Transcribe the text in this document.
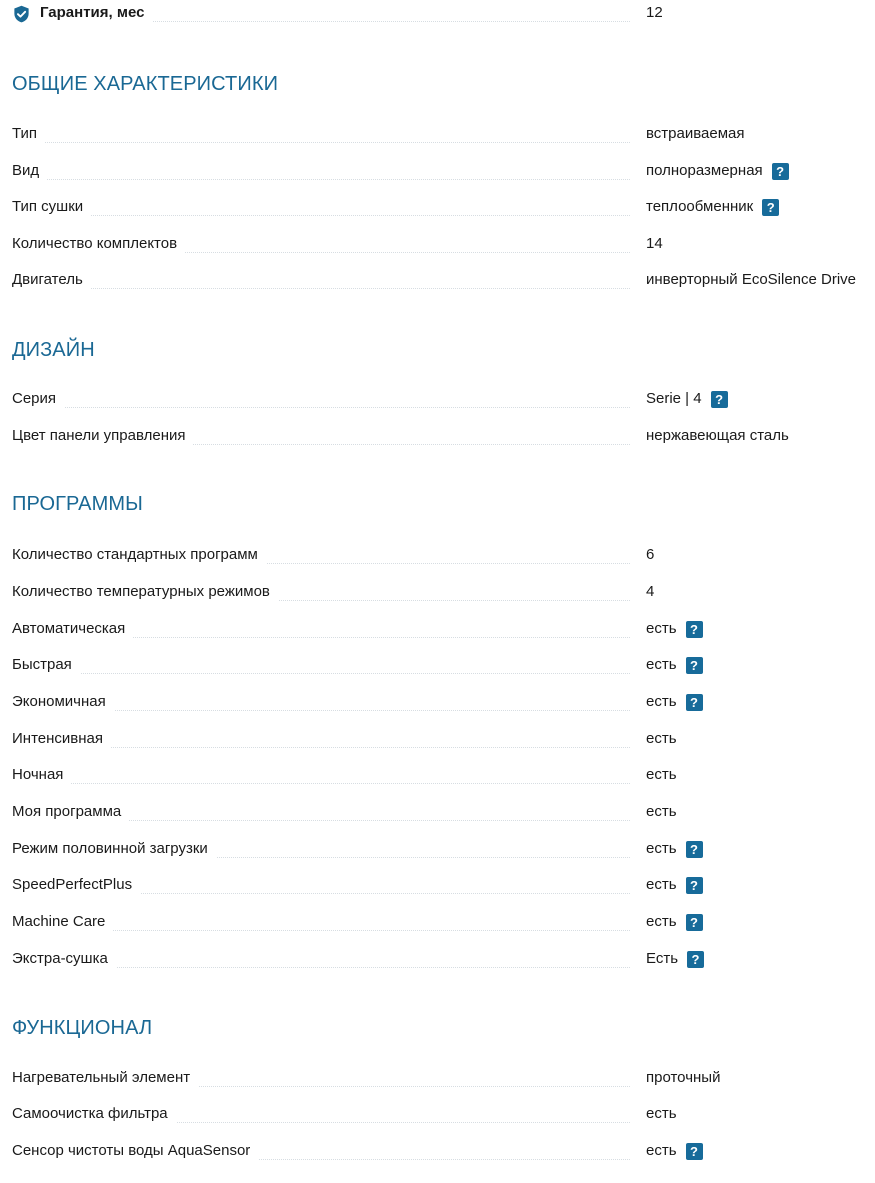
Гарантия, мес	12
ОБЩИЕ ХАРАКТЕРИСТИКИ
Тип	встраиваемая
Вид	полноразмерная	?
Тип сушки	теплообменник	?
Количество комплектов	14
Двигатель	инверторный EcoSilence Drive
ДИЗАЙН
Серия	Serie | 4	?
Цвет панели управления	нержавеющая сталь
ПРОГРАММЫ
Количество стандартных программ	6
Количество температурных режимов	4
Автоматическая	есть	?
Быстрая	есть	?
Экономичная	есть	?
Интенсивная	есть
Ночная	есть
Моя программа	есть
Режим половинной загрузки	есть	?
SpeedPerfectPlus	есть	?
Machine Care	есть	?
Экстра-сушка	Есть	?
ФУНКЦИОНАЛ
Нагревательный элемент	проточный
Самоочистка фильтра	есть
Сенсор чистоты воды AquaSensor	есть	?
